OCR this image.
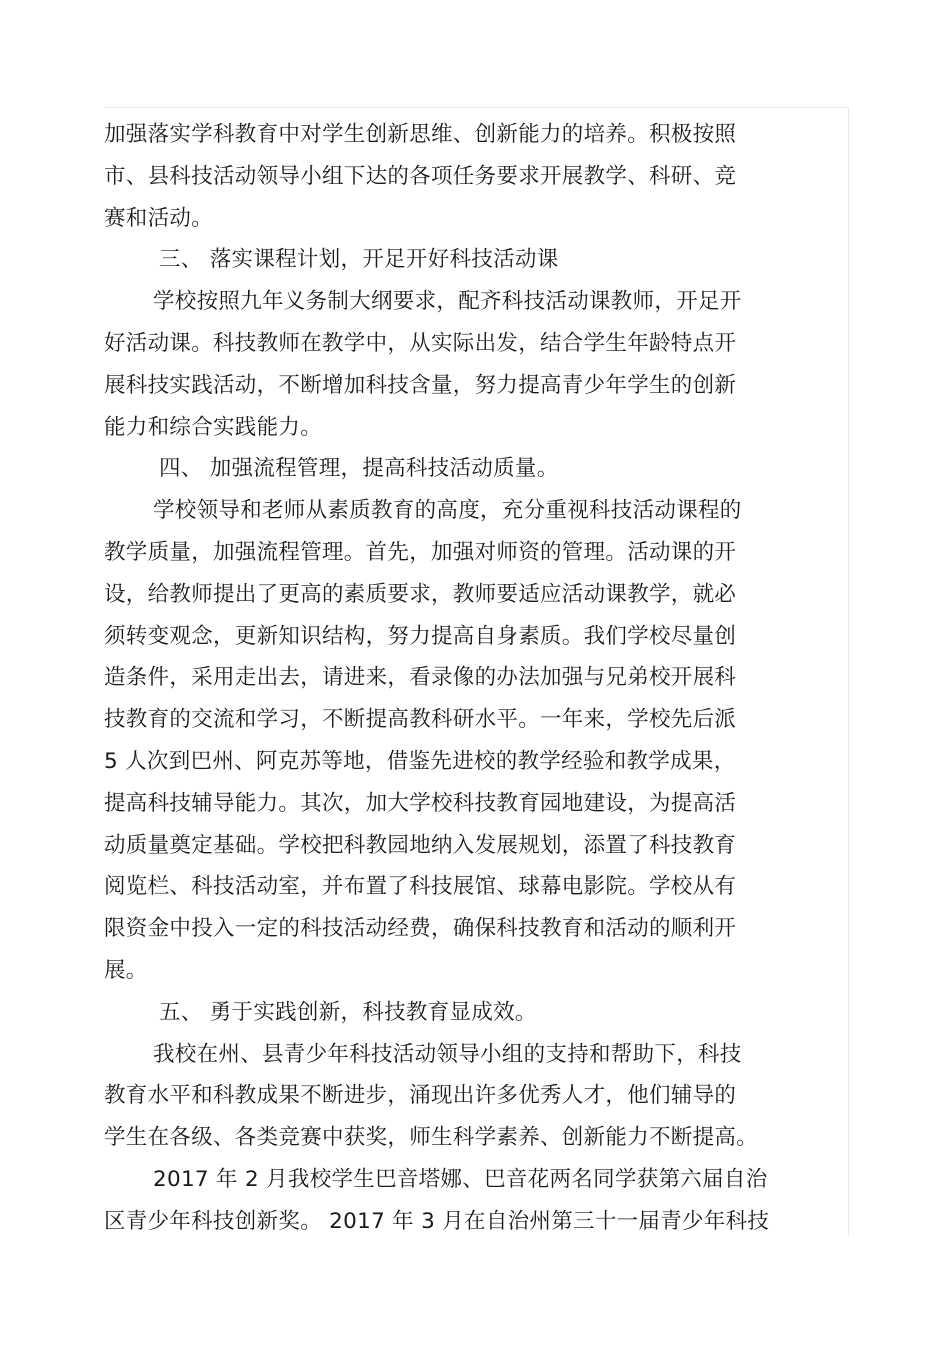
加强落实学科教育中对学生创新思维、创新能力的培养。积极按照
市、县科技活动领导小组下达的各项任务要求开展教学、科研、竞
赛和活动。
三、 落实课程计划，开足开好科技活动课
学校按照九年义务制大纲要求，配齐科技活动课教师，开足开
好活动课。科技教师在教学中，从实际出发，结合学生年龄特点开
展科技实践活动，不断增加科技含量，努力提高青少年学生的创新
能力和综合实践能力。
四、 加强流程管理，提高科技活动质量。
学校领导和老师从素质教育的高度，充分重视科技活动课程的
教学质量，加强流程管理。首先，加强对师资的管理。活动课的开
设，给教师提出了更高的素质要求，教师要适应活动课教学，就必
须转变观念，更新知识结构，努力提高自身素质。我们学校尽量创
造条件，采用走出去，请进来，看录像的办法加强与兄弟校开展科
技教育的交流和学习，不断提高教科研水平。一年来，学校先后派
5 人次到巴州、阿克苏等地，借鉴先进校的教学经验和教学成果，
提高科技辅导能力。其次，加大学校科技教育园地建设，为提高活
动质量奠定基础。学校把科教园地纳入发展规划，添置了科技教育
阅览栏、科技活动室，并布置了科技展馆、球幕电影院。学校从有
限资金中投入一定的科技活动经费，确保科技教育和活动的顺利开
展。
五、 勇于实践创新，科技教育显成效。
我校在州、县青少年科技活动领导小组的支持和帮助下，科技
教育水平和科教成果不断进步，涌现出许多优秀人才，他们辅导的
学生在各级、各类竞赛中获奖，师生科学素养、创新能力不断提高。
2017 年 2 月我校学生巴音塔娜、巴音花两名同学获第六届自治
区青少年科技创新奖。 2017 年 3 月在自治州第三十一届青少年科技
